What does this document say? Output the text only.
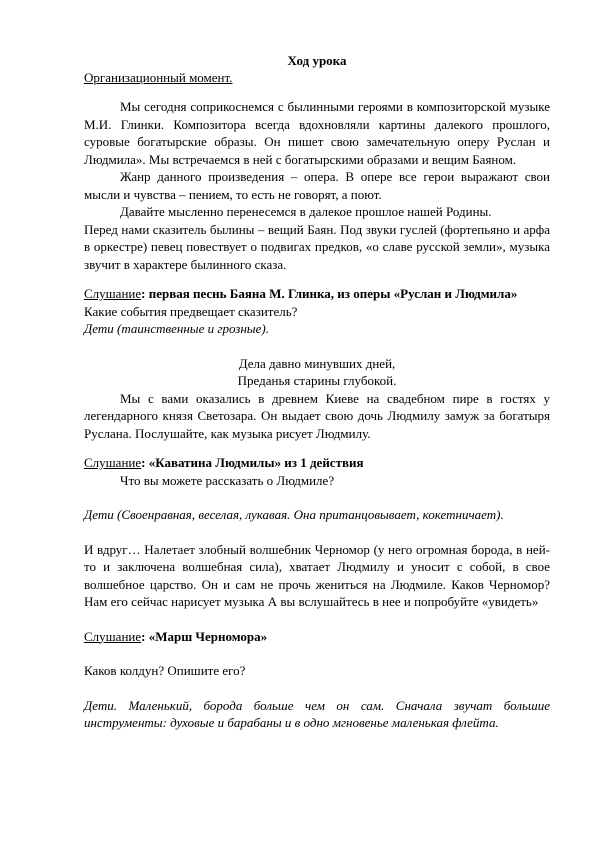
Ход урока

Организационный момент.

Мы сегодня соприкоснемся с былинными героями в композиторской музыке М.И. Глинки. Композитора всегда вдохновляли картины далекого прошлого, суровые богатырские образы. Он пишет свою замечательную оперу Руслан и Людмила». Мы встречаемся в ней с богатырскими образами и вещим Баяном.

Жанр данного произведения – опера. В опере все герои выражают свои мысли и чувства – пением, то есть не говорят, а поют.

Давайте мысленно перенесемся в далекое прошлое нашей Родины.

Перед нами сказитель былины – вещий Баян. Под звуки гуслей (фортепьяно и арфа в оркестре) певец повествует о подвигах предков, «о славе русской земли», музыка звучит в характере былинного сказа.

Слушание: первая песнь Баяна М. Глинка, из оперы «Руслан и Людмила»

Какие события предвещает сказитель?

Дети (таинственные и грозные).

Дела давно минувших дней,

Преданья старины глубокой.

Мы с вами оказались в древнем Киеве на свадебном пире в гостях у легендарного князя Светозара. Он выдает свою дочь Людмилу замуж за богатыря Руслана. Послушайте, как музыка рисует Людмилу.

Слушание: «Каватина Людмилы» из 1 действия

Что вы можете рассказать о Людмиле?

Дети (Своенравная, веселая, лукавая. Она пританцовывает, кокетничает).

И вдруг… Налетает злобный волшебник Черномор (у него огромная борода, в ней-то и заключена волшебная сила), хватает Людмилу и уносит с собой, в свое волшебное царство. Он и сам не прочь жениться на Людмиле. Каков Черномор? Нам его сейчас нарисует музыка А вы вслушайтесь в нее и попробуйте «увидеть»

Слушание: «Марш Черномора»

Каков колдун? Опишите его?

Дети. Маленький, борода больше чем он сам. Сначала звучат большие инструменты: духовые и барабаны и в одно мгновенье маленькая флейта.
